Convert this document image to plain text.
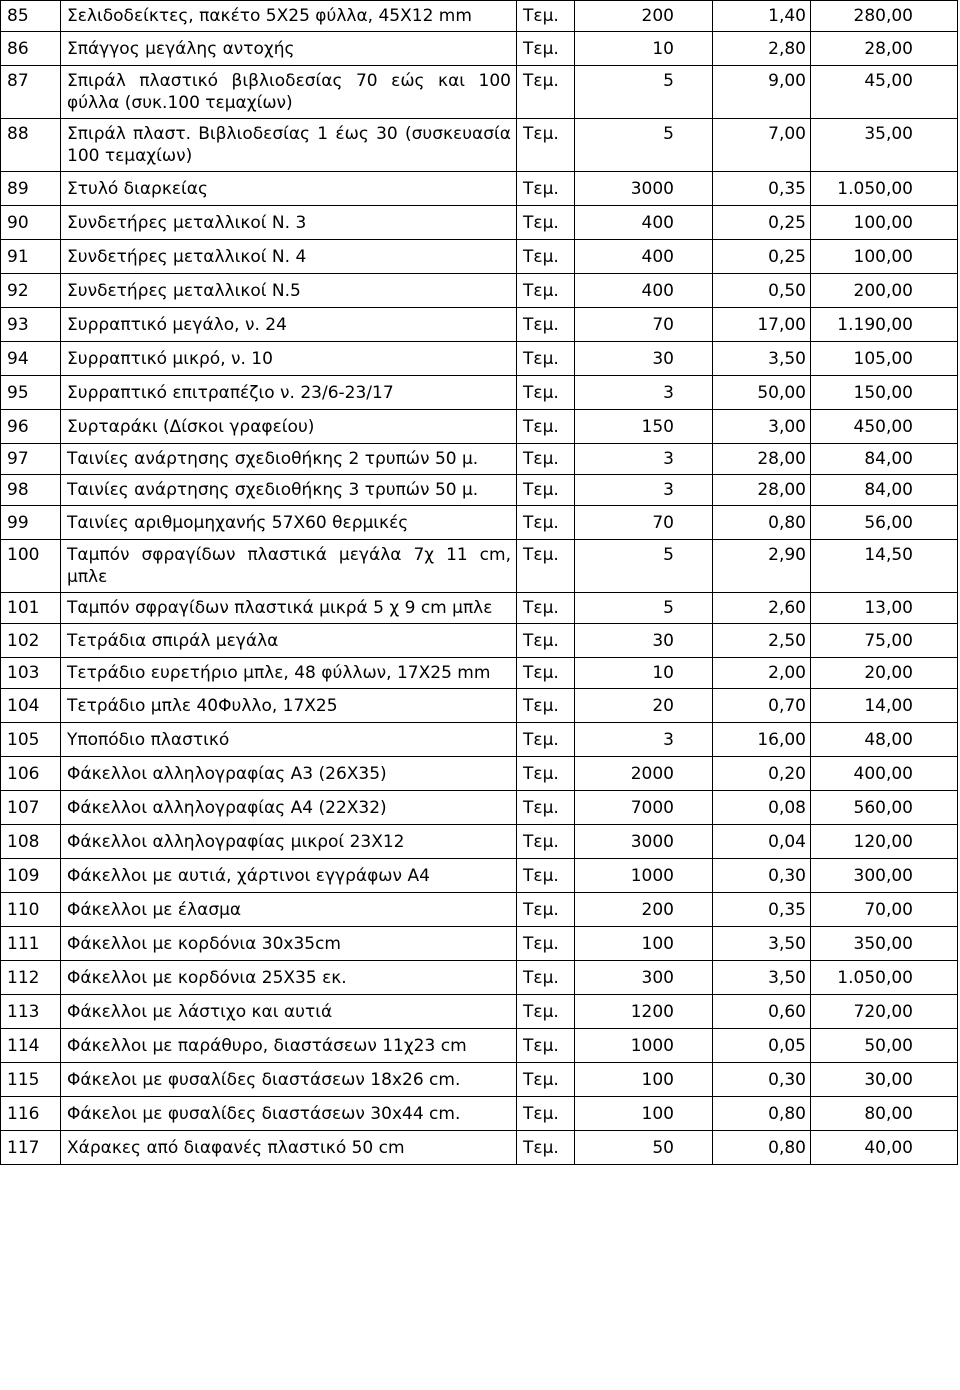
85	Σελιδοδείκτες, πακέτο 5Χ25 φύλλα, 45Χ12 mm	Τεμ.	200	1,40	280,00
86	Σπάγγος μεγάλης αντοχής	Τεμ.	10	2,80	28,00
87	Σπιράλ πλαστικό βιβλιοδεσίας 70 εώς και 100 φύλλα (συκ.100 τεμαχίων)	Τεμ.	5	9,00	45,00
88	Σπιράλ πλαστ. Βιβλιοδεσίας 1 έως 30 (συσκευασία 100 τεμαχίων)	Τεμ.	5	7,00	35,00
89	Στυλό διαρκείας	Τεμ.	3000	0,35	1.050,00
90	Συνδετήρες μεταλλικοί Ν. 3	Τεμ.	400	0,25	100,00
91	Συνδετήρες μεταλλικοί Ν. 4	Τεμ.	400	0,25	100,00
92	Συνδετήρες μεταλλικοί Ν.5	Τεμ.	400	0,50	200,00
93	Συρραπτικό μεγάλο, ν. 24	Τεμ.	70	17,00	1.190,00
94	Συρραπτικό μικρό, ν. 10	Τεμ.	30	3,50	105,00
95	Συρραπτικό επιτραπέζιο ν. 23/6-23/17	Τεμ.	3	50,00	150,00
96	Συρταράκι (Δίσκοι γραφείου)	Τεμ.	150	3,00	450,00
97	Ταινίες ανάρτησης σχεδιοθήκης 2 τρυπών 50 μ.	Τεμ.	3	28,00	84,00
98	Ταινίες ανάρτησης σχεδιοθήκης 3 τρυπών 50 μ.	Τεμ.	3	28,00	84,00
99	Ταινίες αριθμομηχανής 57Χ60 θερμικές	Τεμ.	70	0,80	56,00
100	Ταμπόν σφραγίδων πλαστικά μεγάλα 7χ 11 cm, μπλε	Τεμ.	5	2,90	14,50
101	Ταμπόν σφραγίδων πλαστικά μικρά 5 χ 9 cm μπλε	Τεμ.	5	2,60	13,00
102	Τετράδια σπιράλ μεγάλα	Τεμ.	30	2,50	75,00
103	Τετράδιο ευρετήριο μπλε, 48 φύλλων, 17Χ25 mm	Τεμ.	10	2,00	20,00
104	Τετράδιο μπλε 40Φυλλο, 17Χ25	Τεμ.	20	0,70	14,00
105	Υποπόδιο πλαστικό	Τεμ.	3	16,00	48,00
106	Φάκελλοι αλληλογραφίας Α3 (26Χ35)	Τεμ.	2000	0,20	400,00
107	Φάκελλοι αλληλογραφίας Α4 (22Χ32)	Τεμ.	7000	0,08	560,00
108	Φάκελλοι αλληλογραφίας μικροί 23Χ12	Τεμ.	3000	0,04	120,00
109	Φάκελλοι με αυτιά, χάρτινοι εγγράφων Α4	Τεμ.	1000	0,30	300,00
110	Φάκελλοι με έλασμα	Τεμ.	200	0,35	70,00
111	Φάκελλοι με κορδόνια 30x35cm	Τεμ.	100	3,50	350,00
112	Φάκελλοι με κορδόνια 25Χ35 εκ.	Τεμ.	300	3,50	1.050,00
113	Φάκελλοι με λάστιχο και αυτιά	Τεμ.	1200	0,60	720,00
114	Φάκελλοι με παράθυρο, διαστάσεων 11χ23 cm	Τεμ.	1000	0,05	50,00
115	Φάκελοι με φυσαλίδες διαστάσεων 18x26 cm.	Τεμ.	100	0,30	30,00
116	Φάκελοι με φυσαλίδες διαστάσεων 30x44 cm.	Τεμ.	100	0,80	80,00
117	Χάρακες από διαφανές πλαστικό 50 cm	Τεμ.	50	0,80	40,00
